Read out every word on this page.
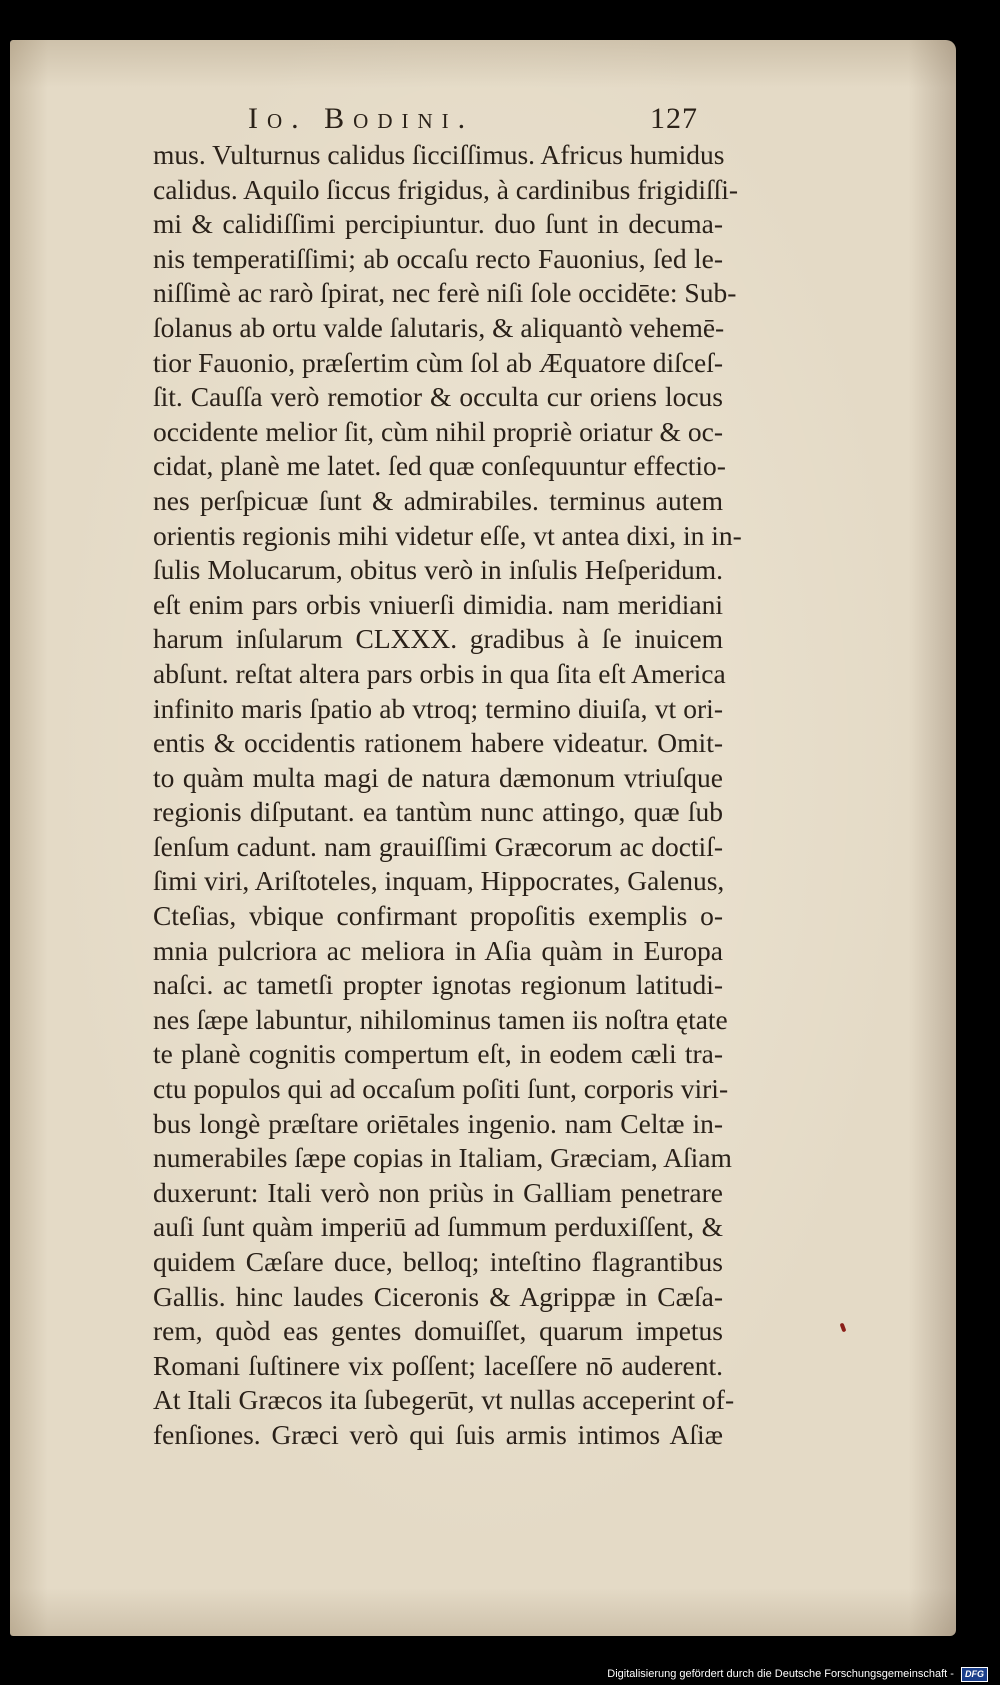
Io. Bodini.	127
mus. Vulturnus calidus ſicciſſimus. Africus humidus
calidus. Aquilo ſiccus frigidus, à cardinibus frigidiſſi-
mi & calidiſſimi percipiuntur. duo ſunt in decuma-
nis temperatiſſimi; ab occaſu recto Fauonius, ſed le-
niſſimè ac rarò ſpirat, nec ferè niſi ſole occidēte: Sub-
ſolanus ab ortu valde ſalutaris, & aliquantò vehemē-
tior Fauonio, præſertim cùm ſol ab Æquatore diſceſ-
ſit. Cauſſa verò remotior & occulta cur oriens locus
occidente melior ſit, cùm nihil propriè oriatur & oc-
cidat, planè me latet. ſed quæ conſequuntur effectio-
nes perſpicuæ ſunt & admirabiles. terminus autem
orientis regionis mihi videtur eſſe, vt antea dixi, in in-
ſulis Molucarum, obitus verò in inſulis Heſperidum.
eſt enim pars orbis vniuerſi dimidia. nam meridiani
harum inſularum CLXXX. gradibus à ſe inuicem
abſunt. reſtat altera pars orbis in qua ſita eſt America
infinito maris ſpatio ab vtroq; termino diuiſa, vt ori-
entis & occidentis rationem habere videatur. Omit-
to quàm multa magi de natura dæmonum vtriuſque
regionis diſputant. ea tantùm nunc attingo, quæ ſub
ſenſum cadunt. nam grauiſſimi Græcorum ac doctiſ-
ſimi viri, Ariſtoteles, inquam, Hippocrates, Galenus,
Cteſias, vbique confirmant propoſitis exemplis o-
mnia pulcriora ac meliora in Aſia quàm in Europa
naſci. ac tametſi propter ignotas regionum latitudi-
nes ſæpe labuntur, nihilominus tamen iis noſtra ętate
te planè cognitis compertum eſt, in eodem cæli tra-
ctu populos qui ad occaſum poſiti ſunt, corporis viri-
bus longè præſtare oriētales ingenio. nam Celtæ in-
numerabiles ſæpe copias in Italiam, Græciam, Aſiam
duxerunt: Itali verò non priùs in Galliam penetrare
auſi ſunt quàm imperiū ad ſummum perduxiſſent, &
quidem Cæſare duce, belloq; inteſtino flagrantibus
Gallis. hinc laudes Ciceronis & Agrippæ in Cæſa-
rem, quòd eas gentes domuiſſet, quarum impetus
Romani ſuſtinere vix poſſent; laceſſere nō auderent.
At Itali Græcos ita ſubegerūt, vt nullas acceperint of-
fenſiones. Græci verò qui ſuis armis intimos Aſiæ
Digitalisierung gefördert durch die Deutsche Forschungsgemeinschaft - DFG
